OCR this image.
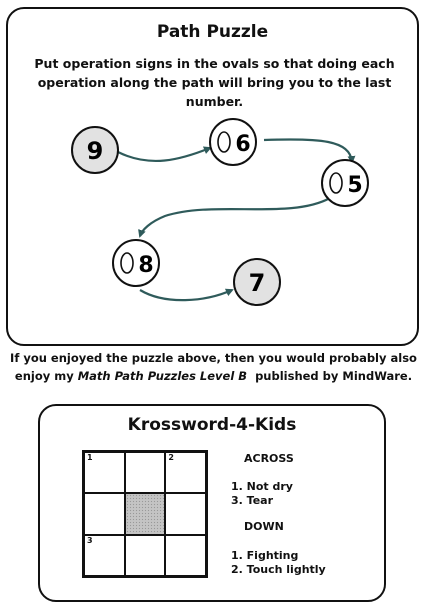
Path Puzzle
Put operation signs in the ovals so that doing each operation along the path will bring you to the last number.
9	6
5
8
7
If you enjoyed the puzzle above, then you would probably also
enjoy my Math Path Puzzles Level B  published by MindWare.
Krossword-4-Kids
1	2
3
ACROSS
1. Not dry
3. Tear
DOWN
1. Fighting
2. Touch lightly
